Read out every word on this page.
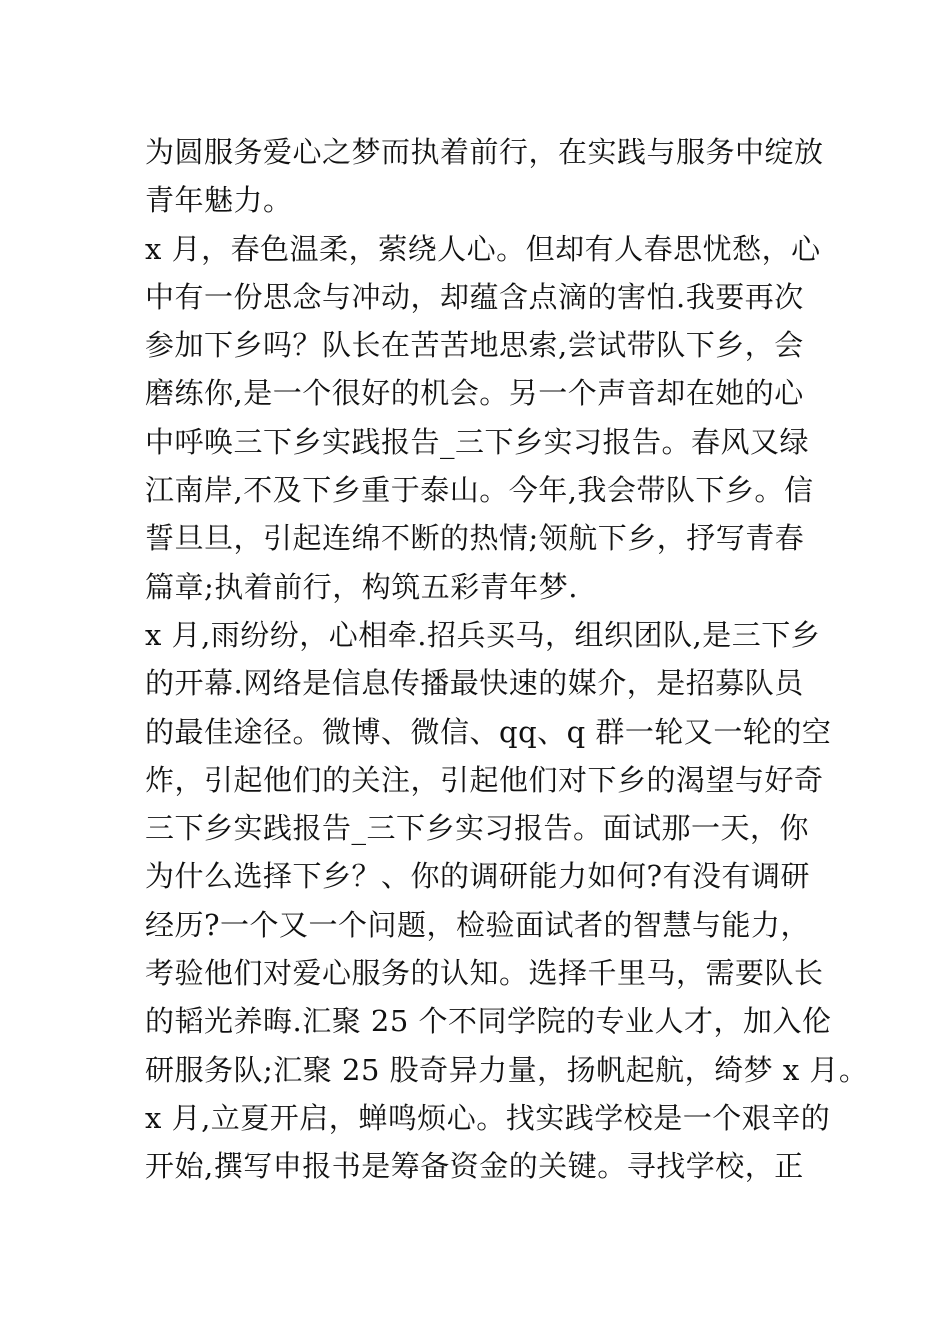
为圆服务爱心之梦而执着前行，在实践与服务中绽放
青年魅力。
x 月，春色温柔，萦绕人心。但却有人春思忧愁，心
中有一份思念与冲动，却蕴含点滴的害怕.我要再次
参加下乡吗？队长在苦苦地思索,尝试带队下乡，会
磨练你,是一个很好的机会。另一个声音却在她的心
中呼唤三下乡实践报告_三下乡实习报告。春风又绿
江南岸,不及下乡重于泰山。今年,我会带队下乡。信
誓旦旦，引起连绵不断的热情;领航下乡，抒写青春
篇章;执着前行，构筑五彩青年梦.
x 月,雨纷纷，心相牵.招兵买马，组织团队,是三下乡
的开幕.网络是信息传播最快速的媒介，是招募队员
的最佳途径。微博、微信、qq、q 群一轮又一轮的空
炸，引起他们的关注，引起他们对下乡的渴望与好奇
三下乡实践报告_三下乡实习报告。面试那一天，你
为什么选择下乡？、你的调研能力如何?有没有调研
经历?一个又一个问题，检验面试者的智慧与能力，
考验他们对爱心服务的认知。选择千里马，需要队长
的韬光养晦.汇聚 25 个不同学院的专业人才，加入伦
研服务队;汇聚 25 股奇异力量，扬帆起航，绮梦 x 月。
x 月,立夏开启，蝉鸣烦心。找实践学校是一个艰辛的
开始,撰写申报书是筹备资金的关键。寻找学校，正
